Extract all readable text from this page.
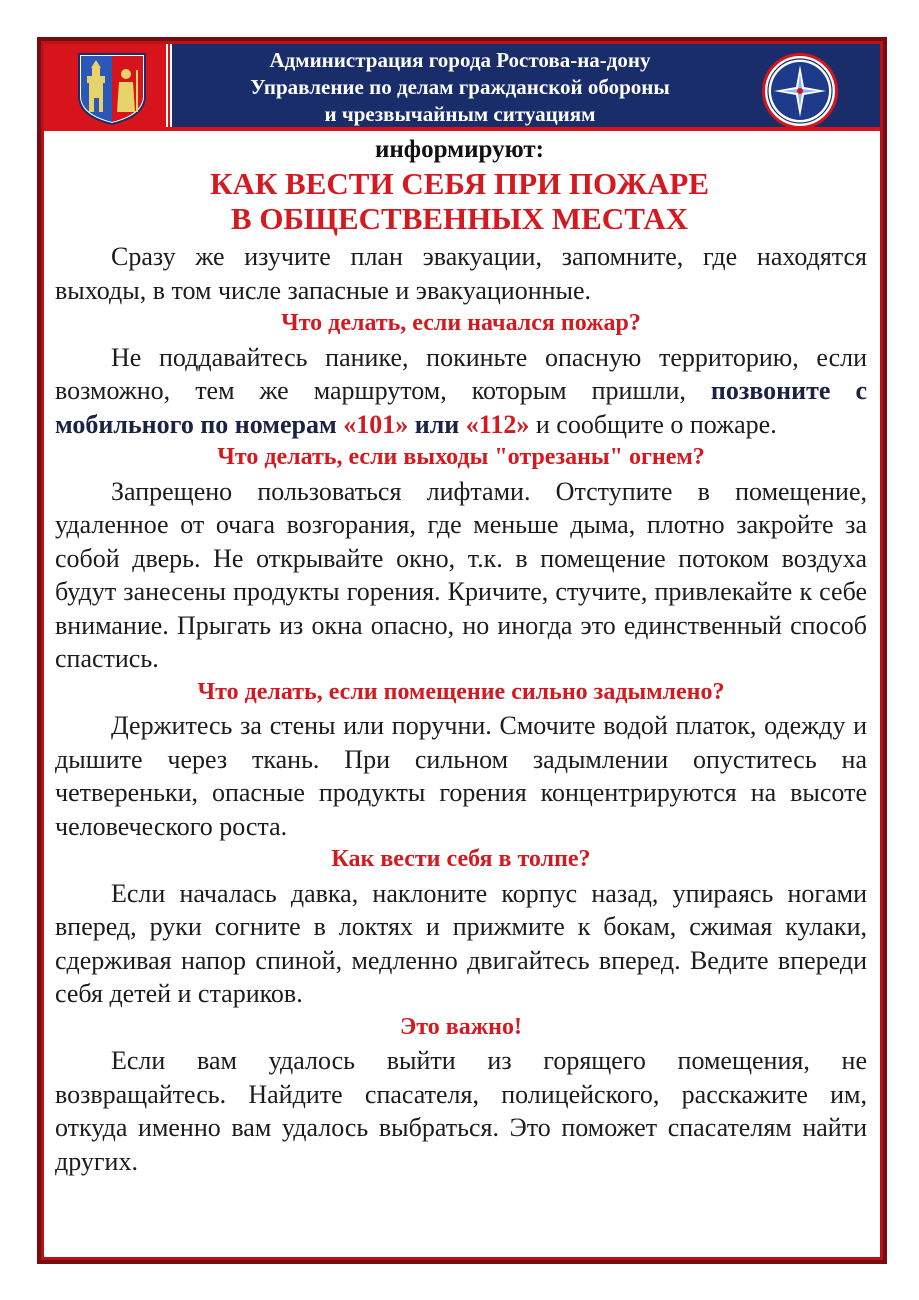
Администрация города Ростова-на-дону
Управление по делам гражданской обороны
и чрезвычайным ситуациям
информируют:
КАК ВЕСТИ СЕБЯ ПРИ ПОЖАРЕ
В ОБЩЕСТВЕННЫХ МЕСТАХ

Сразу же изучите план эвакуации, запомните, где находятся выходы, в том числе запасные и эвакуационные.

Что делать, если начался пожар?

Не поддавайтесь панике, покиньте опасную территорию, если возможно, тем же маршрутом, которым пришли, позвоните с мобильного по номерам «101» или «112» и сообщите о пожаре.

Что делать, если выходы "отрезаны" огнем?

Запрещено пользоваться лифтами. Отступите в помещение, удаленное от очага возгорания, где меньше дыма, плотно закройте за собой дверь. Не открывайте окно, т.к. в помещение потоком воздуха будут занесены продукты горения. Кричите, стучите, привлекайте к себе внимание. Прыгать из окна опасно, но иногда это единственный способ спастись.

Что делать, если помещение сильно задымлено?

Держитесь за стены или поручни. Смочите водой платок, одежду и дышите через ткань. При сильном задымлении опуститесь на четвереньки, опасные продукты горения концентрируются на высоте человеческого роста.

Как вести себя в толпе?

Если началась давка, наклоните корпус назад, упираясь ногами вперед, руки согните в локтях и прижмите к бокам, сжимая кулаки, сдерживая напор спиной, медленно двигайтесь вперед. Ведите впереди себя детей и стариков.

Это важно!

Если вам удалось выйти из горящего помещения, не возвращайтесь. Найдите спасателя, полицейского, расскажите им, откуда именно вам удалось выбраться. Это поможет спасателям найти других.
